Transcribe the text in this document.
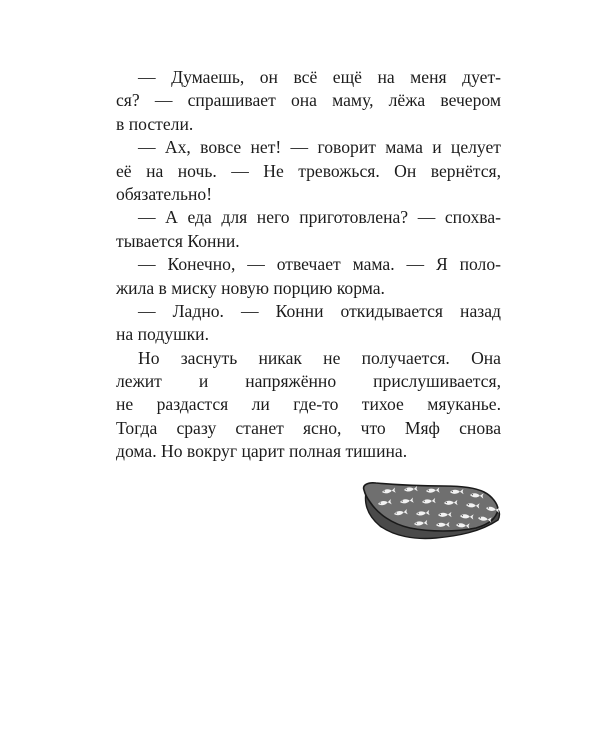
— Думаешь, он всё ещё на меня дует-
ся? — спрашивает она маму, лёжа вечером
в постели.
— Ах, вовсе нет! — говорит мама и целует
её на ночь. — Не тревожься. Он вернётся,
обязательно!
— А еда для него приготовлена? — спохва-
тывается Конни.
— Конечно, — отвечает мама. — Я поло-
жила в миску новую порцию корма.
— Ладно. — Конни откидывается назад
на подушки.
Но заснуть никак не получается. Она
лежит и напряжённо прислушивается,
не раздастся ли где-то тихое мяуканье.
Тогда сразу станет ясно, что Мяф снова
дома. Но вокруг царит полная тишина.
